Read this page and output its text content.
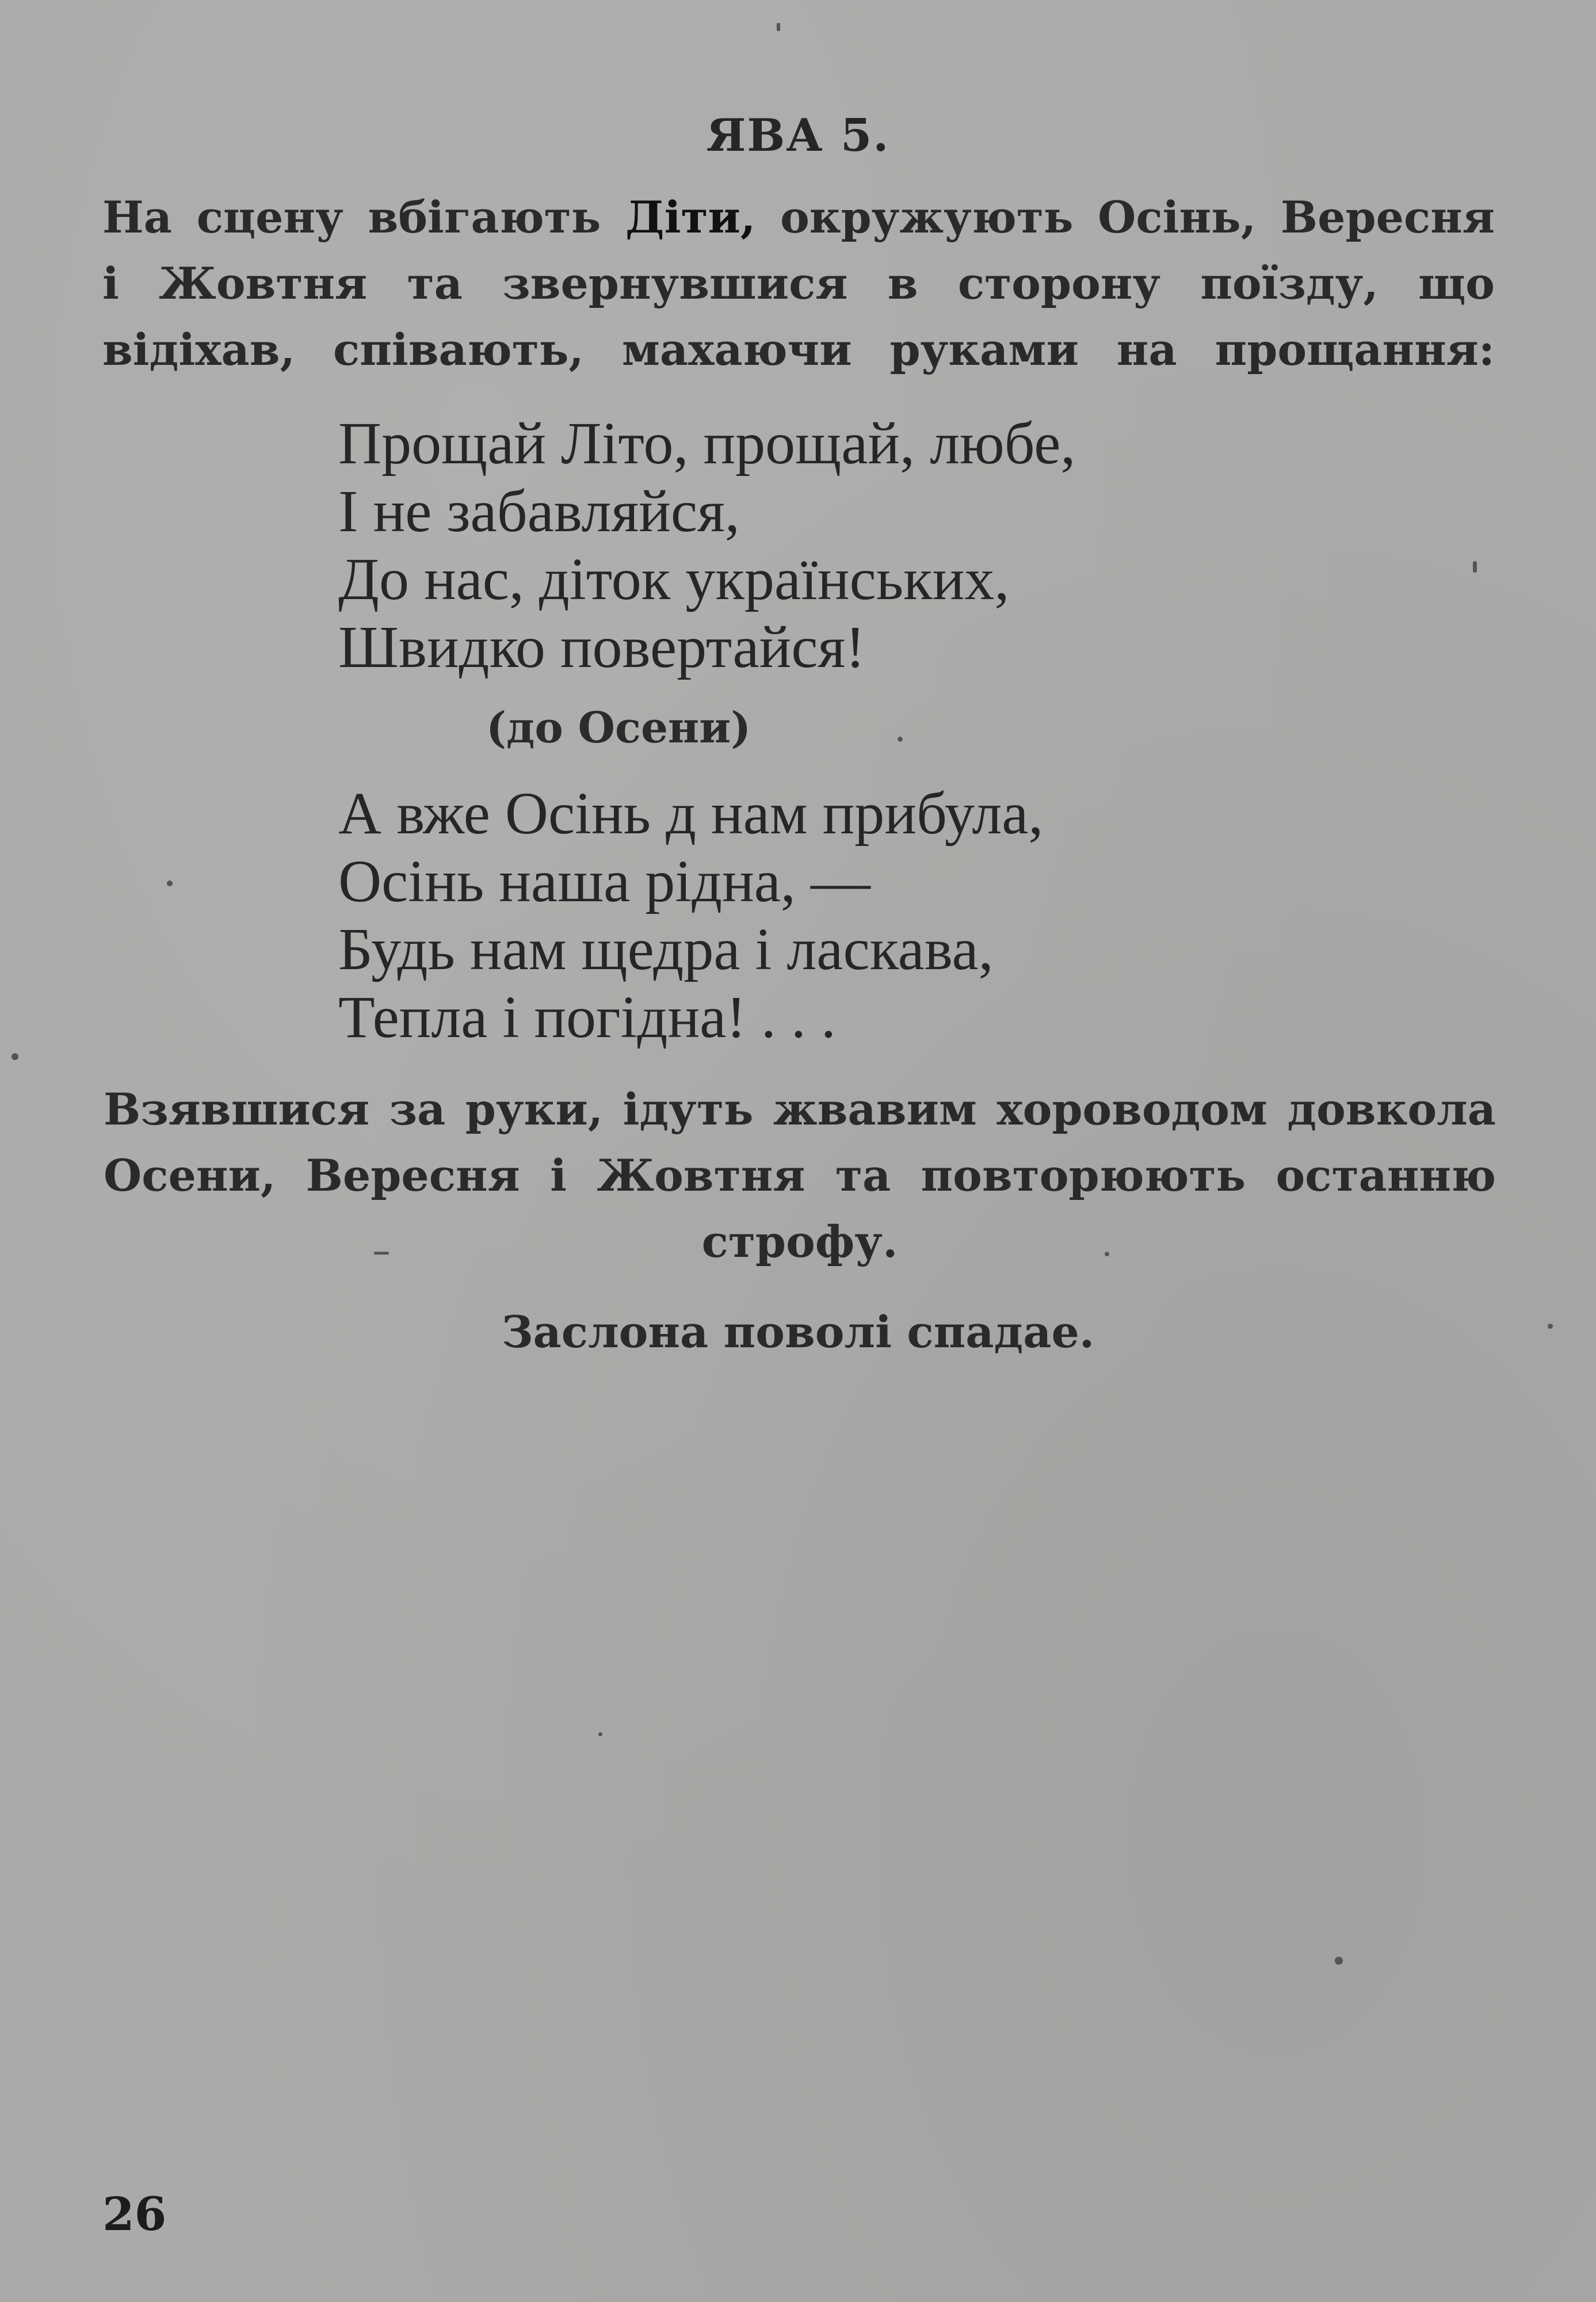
ЯВА 5.
На сцену вбігають Діти, окружують Осінь, Вересня
і Жовтня та звернувшися в сторону поїзду, що
відіхав, співають, махаючи руками на прощання:
Прощай Літо, прощай, любе,
І не забавляйся,
До нас, діток українських,
Швидко повертайся!
(до Осени)
А вже Осінь д нам прибула,
Осінь наша рідна, —
Будь нам щедра і ласкава,
Тепла і погідна! . . .
Взявшися за руки, ідуть жвавим хороводом довкола
Осени, Вересня і Жовтня та повторюють останню
строфу.
Заслона поволі спадае.
26
